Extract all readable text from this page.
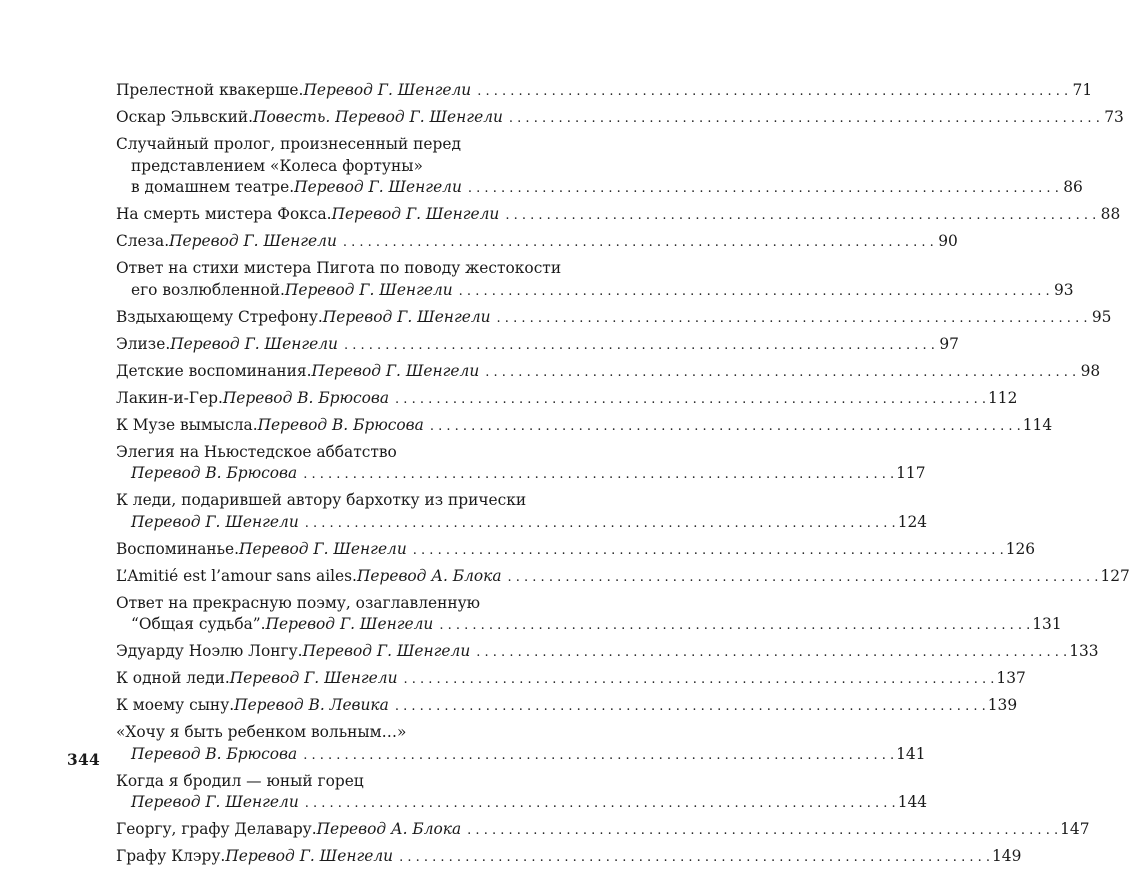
Прелестной квакерше. Перевод Г. Шенгели . . .	71
Оскар Эльвский. Повесть. Перевод Г. Шенгели . . .	73
Случайный пролог, произнесенный перед
представлением «Колеса фортуны»
в домашнем театре. Перевод Г. Шенгели . . .	86
На смерть мистера Фокса. Перевод Г. Шенгели . . .	88
Слеза. Перевод Г. Шенгели . . .	90
Ответ на стихи мистера Пигота по поводу жестокости
его возлюбленной. Перевод Г. Шенгели . . .	93
Вздыхающему Стрефону. Перевод Г. Шенгели . . .	95
Элизе. Перевод Г. Шенгели . . .	97
Детские воспоминания. Перевод Г. Шенгели . . .	98
Лакин-и-Гер. Перевод В. Брюсова . . .	112
К Музе вымысла. Перевод В. Брюсова . . .	114
Элегия на Ньюстедское аббатство
Перевод В. Брюсова . . .	117
К леди, подарившей автору бархотку из прически
Перевод Г. Шенгели . . .	124
Воспоминанье. Перевод Г. Шенгели . . .	126
L’Amitié est l’amour sans ailes. Перевод А. Блока . . .	127
Ответ на прекрасную поэму, озаглавленную
“Общая судьба”. Перевод Г. Шенгели . . .	131
Эдуарду Ноэлю Лонгу. Перевод Г. Шенгели . . .	133
К одной леди. Перевод Г. Шенгели . . .	137
К моему сыну. Перевод В. Левика . . .	139
«Хочу я быть ребенком вольным…»
Перевод В. Брюсова . . .	141
Когда я бродил — юный горец
Перевод Г. Шенгели . . .	144
Георгу, графу Делавару. Перевод А. Блока . . .	147
Графу Клэру. Перевод Г. Шенгели . . .	149
344
